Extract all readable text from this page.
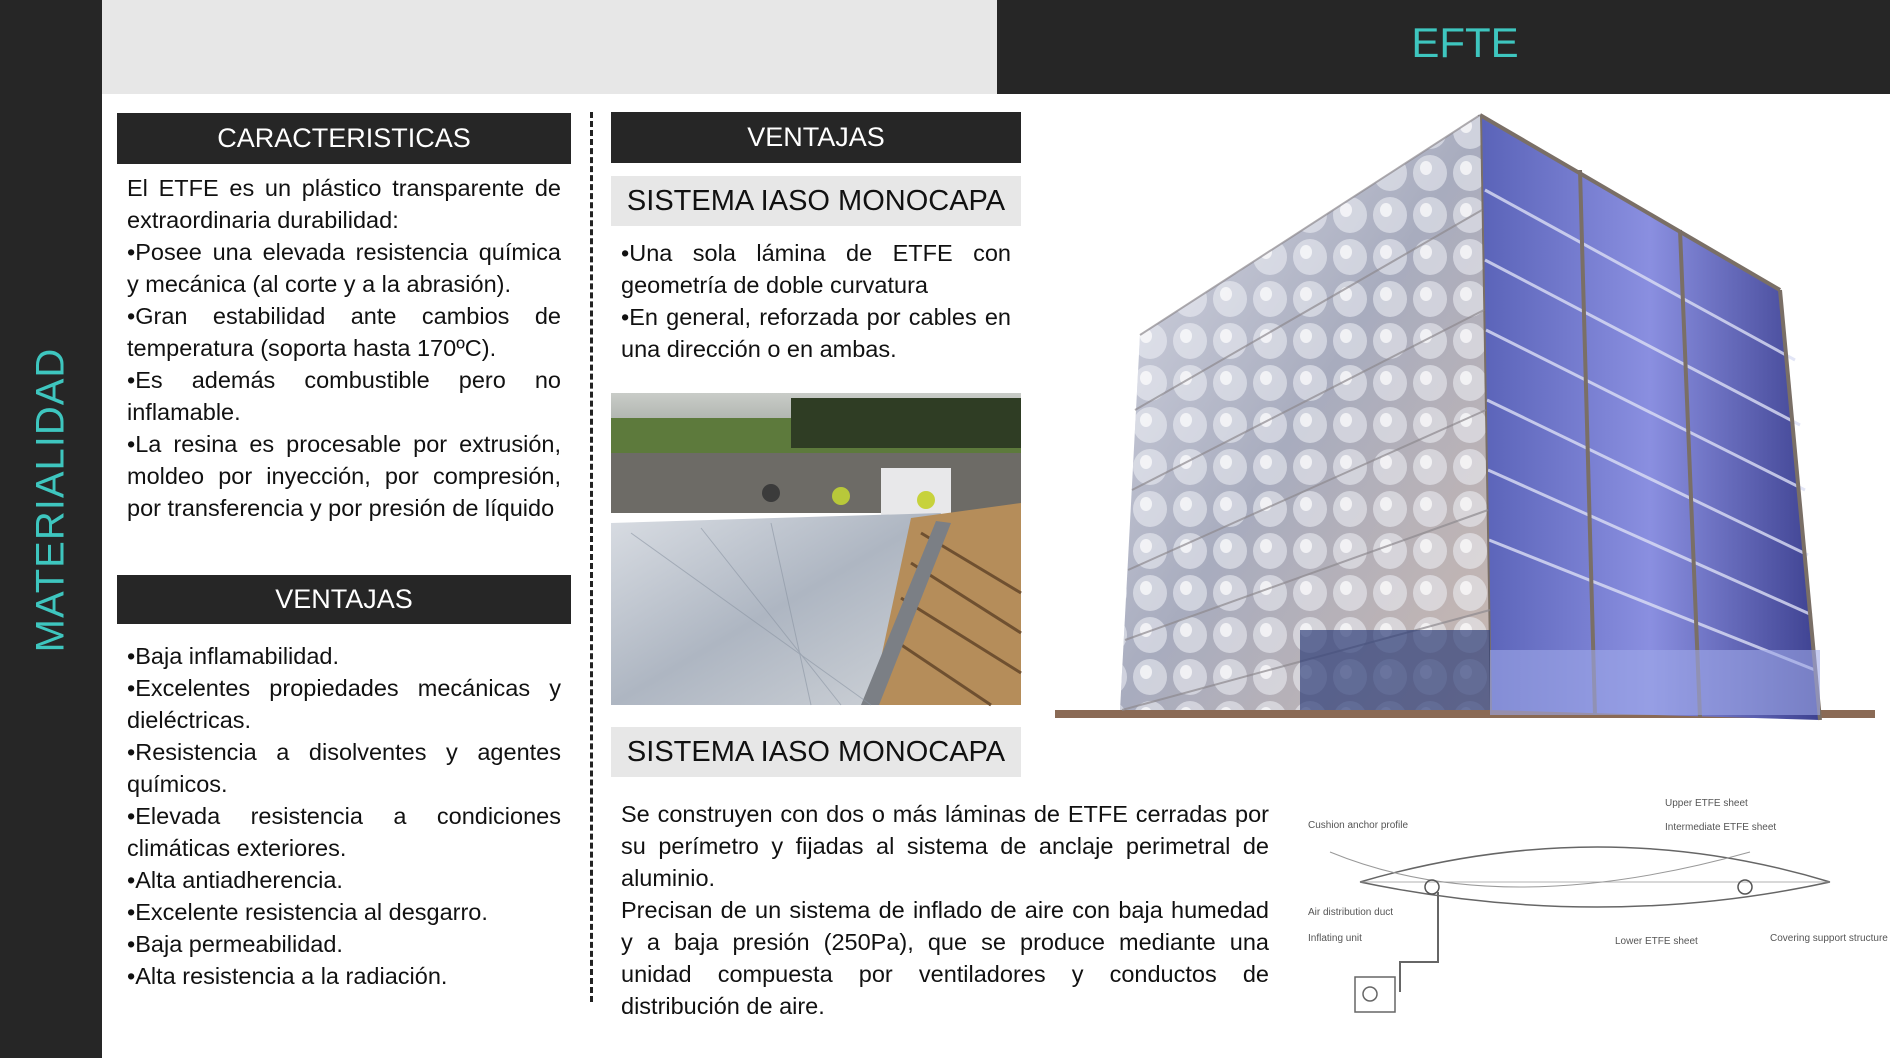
MATERIALIDAD
EFTE
CARACTERISTICAS

El ETFE es un plástico transparente de extraordinaria durabilidad:

•Posee una elevada resistencia química y mecánica (al corte y a la abrasión).

•Gran estabilidad ante cambios de temperatura (soporta hasta 170ºC).

•Es además combustible pero no inflamable.

•La resina es procesable por extrusión, moldeo por inyección, por compresión, por transferencia y por presión de líquido

VENTAJAS

•Baja inflamabilidad.

•Excelentes propiedades mecánicas y dieléctricas.

•Resistencia a disolventes y agentes químicos.

•Elevada resistencia a condiciones climáticas exteriores.

•Alta antiadherencia.

•Excelente resistencia al desgarro.

•Baja permeabilidad.

•Alta resistencia a la radiación.

VENTAJAS
SISTEMA IASO MONOCAPA

•Una sola lámina de ETFE con geometría de doble curvatura

•En general, reforzada por cables en una dirección o en ambas.

SISTEMA IASO MONOCAPA

Se construyen con dos o más láminas de ETFE cerradas por su perímetro y fijadas al sistema de anclaje perimetral de aluminio.

Precisan de un sistema de inflado de aire con baja humedad y a baja presión (250Pa), que se produce mediante una unidad compuesta por ventiladores y conductos de distribución de aire.

Upper ETFE sheet
Cushion anchor profile	Intermediate ETFE sheet
Air distribution duct
Inflating unit	Lower ETFE sheet	Covering support structure
